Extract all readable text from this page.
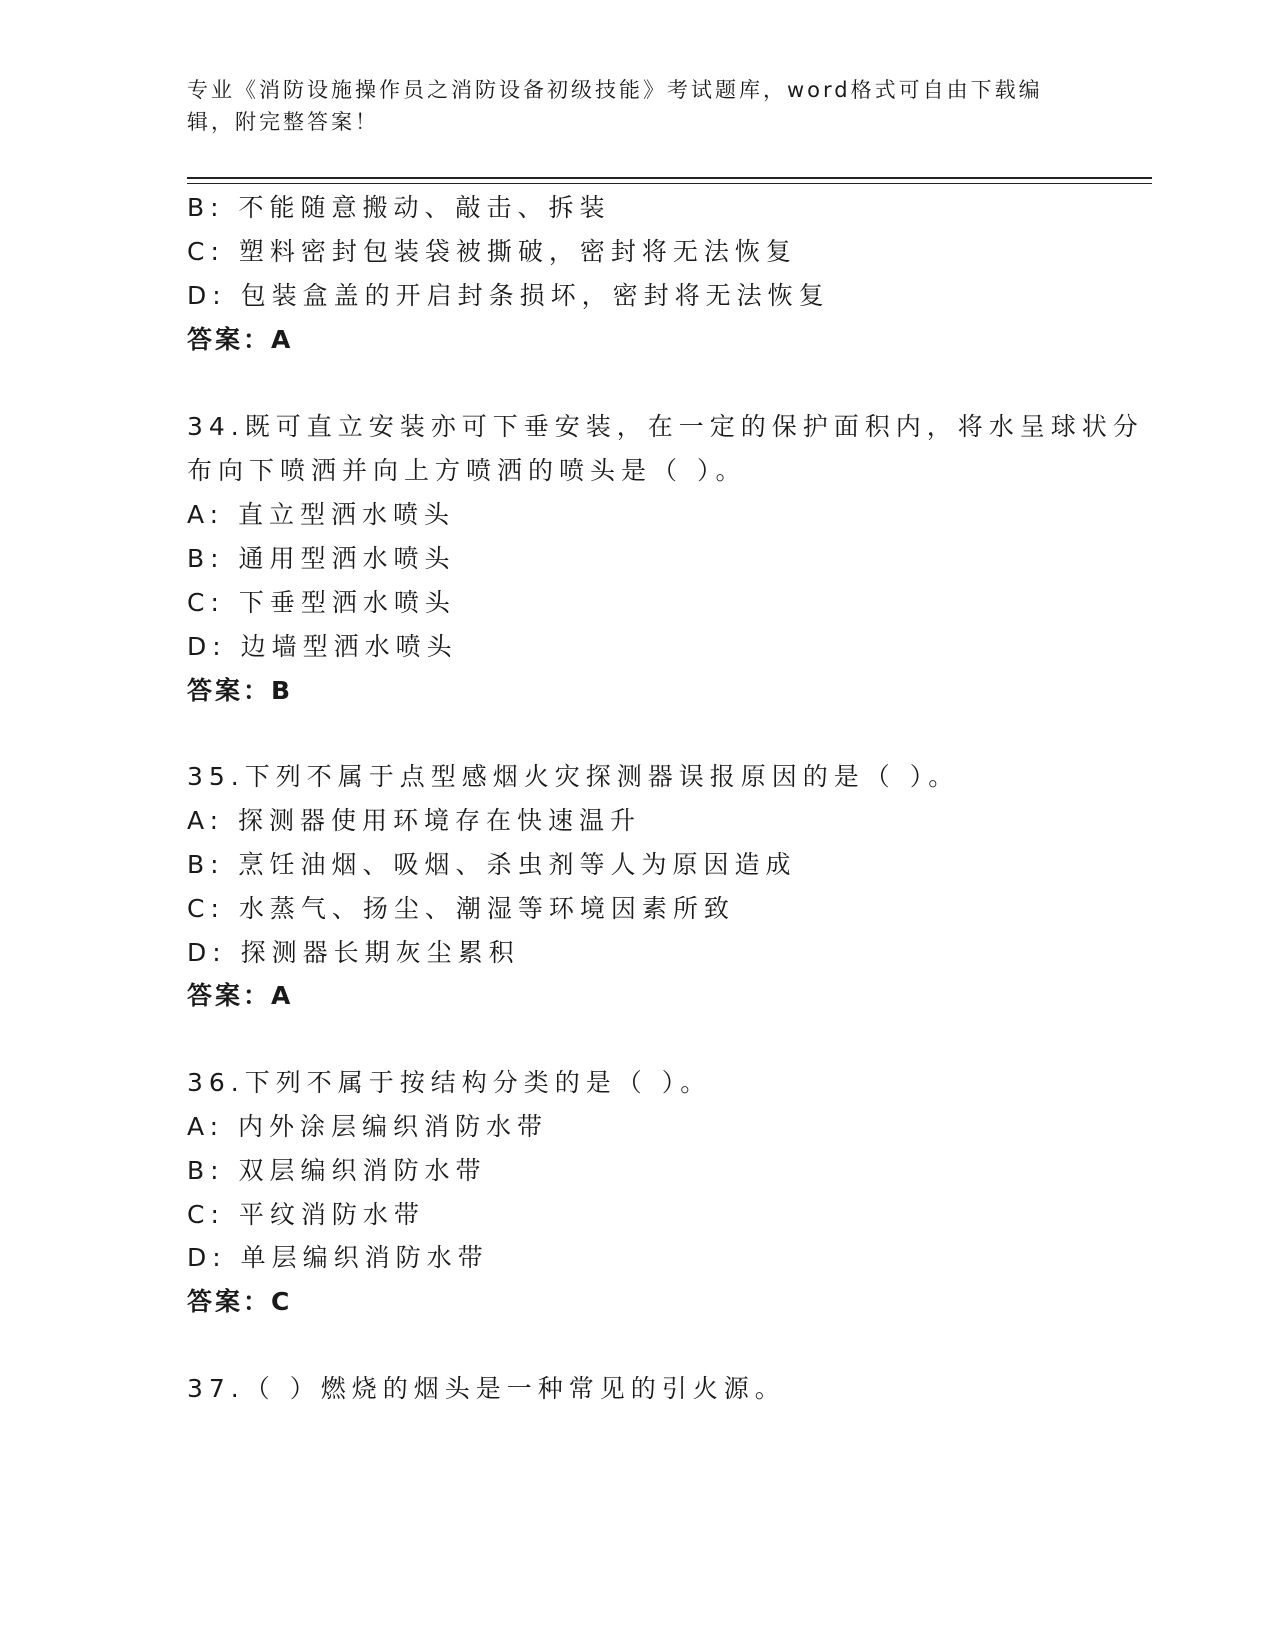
专业《消防设施操作员之消防设备初级技能》考试题库，word格式可自由下载编
辑，附完整答案！
B: 不能随意搬动、敲击、拆装
C: 塑料密封包装袋被撕破，密封将无法恢复
D: 包装盒盖的开启封条损坏，密封将无法恢复
答案：A
34.既可直立安装亦可下垂安装，在一定的保护面积内，将水呈球状分
布向下喷洒并向上方喷洒的喷头是（ ）。
A: 直立型洒水喷头
B: 通用型洒水喷头
C: 下垂型洒水喷头
D: 边墙型洒水喷头
答案：B
35.下列不属于点型感烟火灾探测器误报原因的是（ ）。
A: 探测器使用环境存在快速温升
B: 烹饪油烟、吸烟、杀虫剂等人为原因造成
C: 水蒸气、扬尘、潮湿等环境因素所致
D: 探测器长期灰尘累积
答案：A
36.下列不属于按结构分类的是（ ）。
A: 内外涂层编织消防水带
B: 双层编织消防水带
C: 平纹消防水带
D: 单层编织消防水带
答案：C
37.（ ）燃烧的烟头是一种常见的引火源。
